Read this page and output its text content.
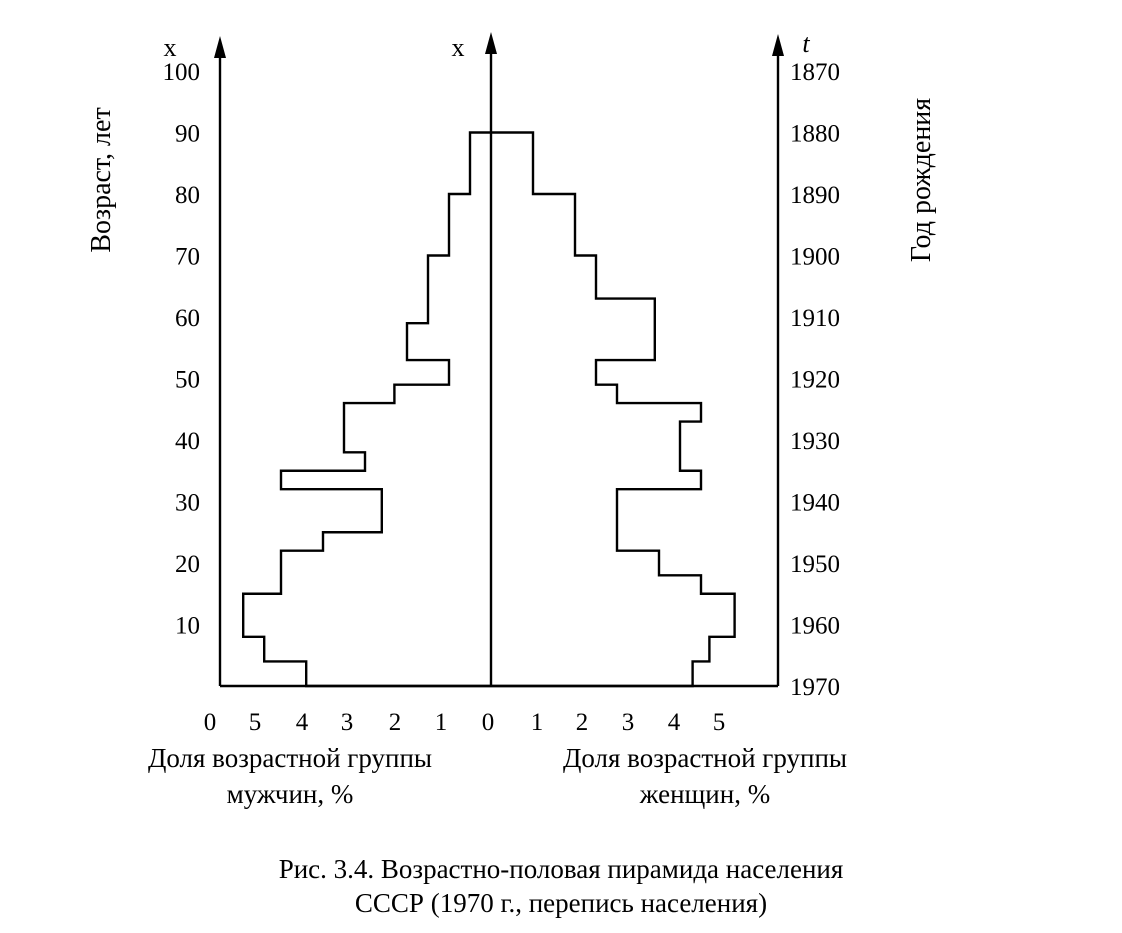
10
20
30
40
50
60
70
80
90
100
1970
1960
1950
1940
1930
1920
1910
1900
1890
1880
1870
0 5 4 3 2 1 0 1 2 3 4 5
Возраст, лет	Год рождения
x	x	t
Доля возрастной группы
мужчин, %
Доля возрастной группы
женщин, %
Рис. 3.4. Возрастно-половая пирамида населения СССР (1970 г., перепись населения)
